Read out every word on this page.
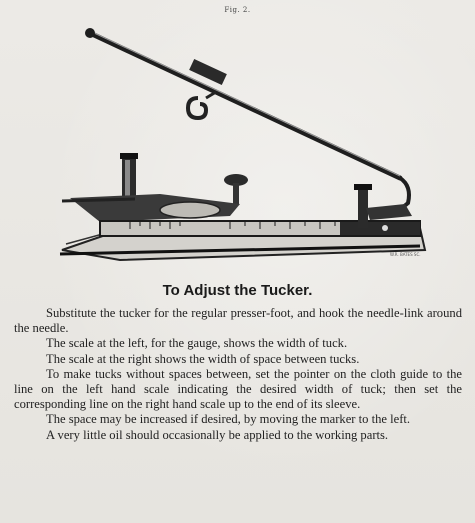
Fig. 2.
W.R. BATES SC.
To Adjust the Tucker.

Substitute the tucker for the regular presser-foot, and hook the needle-link around the needle.

The scale at the left, for the gauge, shows the width of tuck.

The scale at the right shows the width of space between tucks.

To make tucks without spaces between, set the pointer on the cloth guide to the line on the left hand scale indicating the desired width of tuck; then set the corresponding line on the right hand scale up to the end of its sleeve.

The space may be increased if desired, by moving the marker to the left.

A very little oil should occasionally be applied to the working parts.
